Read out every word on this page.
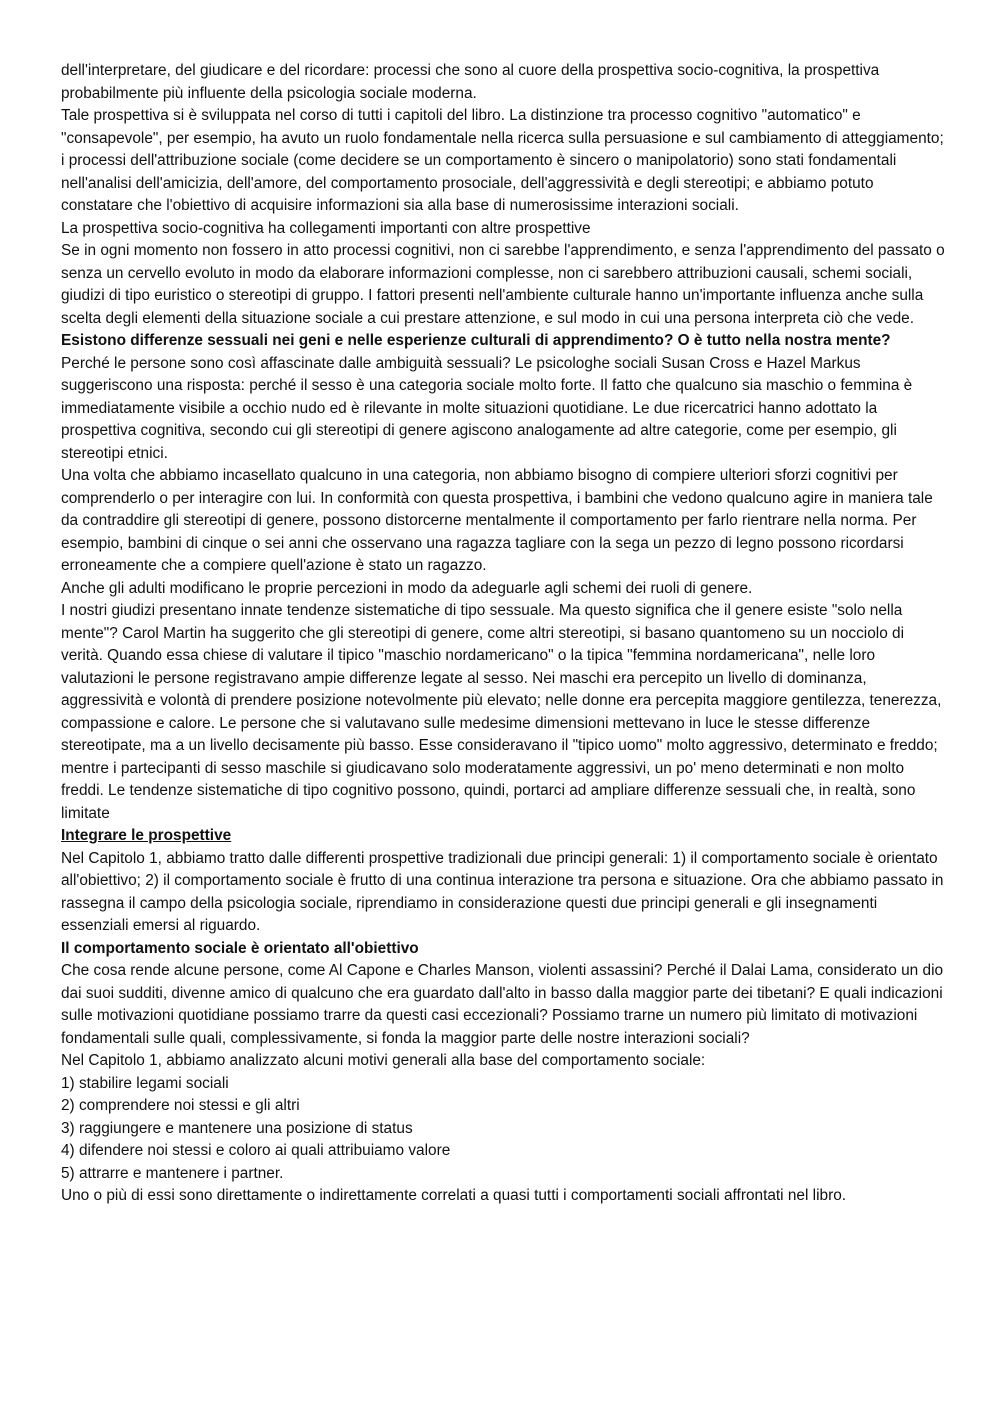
dell'interpretare, del giudicare e del ricordare: processi che sono al cuore della prospettiva socio-cognitiva, la prospettiva probabilmente più influente della psicologia sociale moderna.

Tale prospettiva si è sviluppata nel corso di tutti i capitoli del libro. La distinzione tra processo cognitivo "automatico" e "consapevole", per esempio, ha avuto un ruolo fondamentale nella ricerca sulla persuasione e sul cambiamento di atteggiamento; i processi dell'attribuzione sociale (come decidere se un comportamento è sincero o manipolatorio) sono stati fondamentali nell'analisi dell'amicizia, dell'amore, del comportamento prosociale, dell'aggressività e degli stereotipi; e abbiamo potuto constatare che l'obiettivo di acquisire informazioni sia alla base di numerosissime interazioni sociali.

La prospettiva socio-cognitiva ha collegamenti importanti con altre prospettive

Se in ogni momento non fossero in atto processi cognitivi, non ci sarebbe l'apprendimento, e senza l'apprendimento del passato o senza un cervello evoluto in modo da elaborare informazioni complesse, non ci sarebbero attribuzioni causali, schemi sociali, giudizi di tipo euristico o stereotipi di gruppo. I fattori presenti nell'ambiente culturale hanno un'importante influenza anche sulla scelta degli elementi della situazione sociale a cui prestare attenzione, e sul modo in cui una persona interpreta ciò che vede.

Esistono differenze sessuali nei geni e nelle esperienze culturali di apprendimento? O è tutto nella nostra mente?

Perché le persone sono così affascinate dalle ambiguità sessuali? Le psicologhe sociali Susan Cross e Hazel Markus suggeriscono una risposta: perché il sesso è una categoria sociale molto forte. Il fatto che qualcuno sia maschio o femmina è immediatamente visibile a occhio nudo ed è rilevante in molte situazioni quotidiane. Le due ricercatrici hanno adottato la prospettiva cognitiva, secondo cui gli stereotipi di genere agiscono analogamente ad altre categorie, come per esempio, gli stereotipi etnici.

Una volta che abbiamo incasellato qualcuno in una categoria, non abbiamo bisogno di compiere ulteriori sforzi cognitivi per comprenderlo o per interagire con lui. In conformità con questa prospettiva, i bambini che vedono qualcuno agire in maniera tale da contraddire gli stereotipi di genere, possono distorcerne mentalmente il comportamento per farlo rientrare nella norma. Per esempio, bambini di cinque o sei anni che osservano una ragazza tagliare con la sega un pezzo di legno possono ricordarsi erroneamente che a compiere quell'azione è stato un ragazzo.

Anche gli adulti modificano le proprie percezioni in modo da adeguarle agli schemi dei ruoli di genere.

I nostri giudizi presentano innate tendenze sistematiche di tipo sessuale. Ma questo significa che il genere esiste "solo nella mente"? Carol Martin ha suggerito che gli stereotipi di genere, come altri stereotipi, si basano quantomeno su un nocciolo di verità. Quando essa chiese di valutare il tipico "maschio nordamericano" o la tipica "femmina nordamericana", nelle loro valutazioni le persone registravano ampie differenze legate al sesso. Nei maschi era percepito un livello di dominanza, aggressività e volontà di prendere posizione notevolmente più elevato; nelle donne era percepita maggiore gentilezza, tenerezza, compassione e calore. Le persone che si valutavano sulle medesime dimensioni mettevano in luce le stesse differenze stereotipate, ma a un livello decisamente più basso. Esse consideravano il "tipico uomo" molto aggressivo, determinato e freddo; mentre i partecipanti di sesso maschile si giudicavano solo moderatamente aggressivi, un po' meno determinati e non molto freddi. Le tendenze sistematiche di tipo cognitivo possono, quindi, portarci ad ampliare differenze sessuali che, in realtà, sono limitate

Integrare le prospettive

Nel Capitolo 1, abbiamo tratto dalle differenti prospettive tradizionali due principi generali: 1) il comportamento sociale è orientato all'obiettivo; 2) il comportamento sociale è frutto di una continua interazione tra persona e situazione. Ora che abbiamo passato in rassegna il campo della psicologia sociale, riprendiamo in considerazione questi due principi generali e gli insegnamenti essenziali emersi al riguardo.

Il comportamento sociale è orientato all'obiettivo

Che cosa rende alcune persone, come Al Capone e Charles Manson, violenti assassini? Perché il Dalai Lama, considerato un dio dai suoi sudditi, divenne amico di qualcuno che era guardato dall'alto in basso dalla maggior parte dei tibetani? E quali indicazioni sulle motivazioni quotidiane possiamo trarre da questi casi eccezionali? Possiamo trarne un numero più limitato di motivazioni fondamentali sulle quali, complessivamente, si fonda la maggior parte delle nostre interazioni sociali?

Nel Capitolo 1, abbiamo analizzato alcuni motivi generali alla base del comportamento sociale:

1) stabilire legami sociali

2) comprendere noi stessi e gli altri

3) raggiungere e mantenere una posizione di status

4) difendere noi stessi e coloro ai quali attribuiamo valore

5) attrarre e mantenere i partner.

Uno o più di essi sono direttamente o indirettamente correlati a quasi tutti i comportamenti sociali affrontati nel libro.
